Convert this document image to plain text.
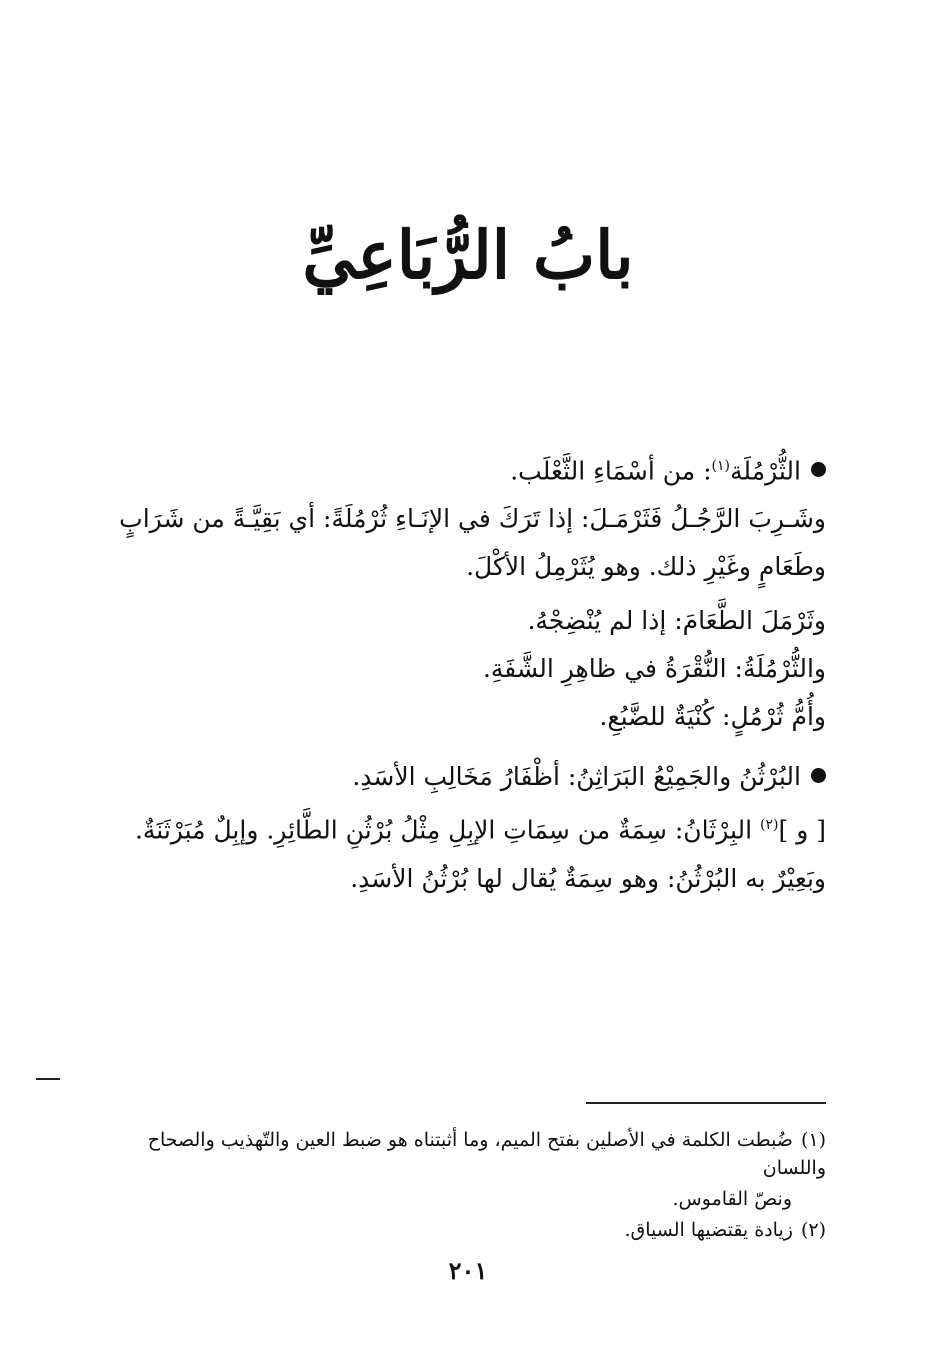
بابُ الرُّبَاعِيِّ

الثُّرْمُلَة$^{(١)}$: من أسْمَاءِ الثَّعْلَب.

وشَـرِبَ الرَّجُـلُ فَثَرْمَـلَ: إذا تَرَكَ في الإنَـاءِ ثُرْمُلَةً: أي بَقِيَّـةً من شَرَابٍ

وطَعَامٍ وغَيْرِ ذلك. وهو يُثَرْمِلُ الأكْلَ.

وثَرْمَلَ الطَّعَامَ: إذا لم يُنْضِجْهُ.

والثُّرْمُلَةُ: النُّقْرَةُ في ظاهِرِ الشَّفَةِ.

وأُمُّ ثُرْمُلٍ: كُنْيَةٌ للضَّبُعِ.

البُرْثُنُ والجَمِيْعُ البَرَاثِنُ: أظْفَارُ مَخَالِبِ الأسَدِ.

[ و ]$^{(٢)}$ البِرْثَانُ: سِمَةٌ من سِمَاتِ الإبِلِ مِثْلُ بُرْثُنِ الطَّائِرِ. وإبِلٌ مُبَرْثَنَةٌ.

وبَعِيْرٌ به البُرْثُنُ: وهو سِمَةٌ يُقال لها بُرْثُنُ الأسَدِ.

(١)ضُبطت الكلمة في الأصلين بفتح الميم، وما أثبتناه هو ضبط العين والتّهذيب والصحاح واللسان

ونصّ القاموس.

(٢)زيادة يقتضيها السياق.

٢٠١
